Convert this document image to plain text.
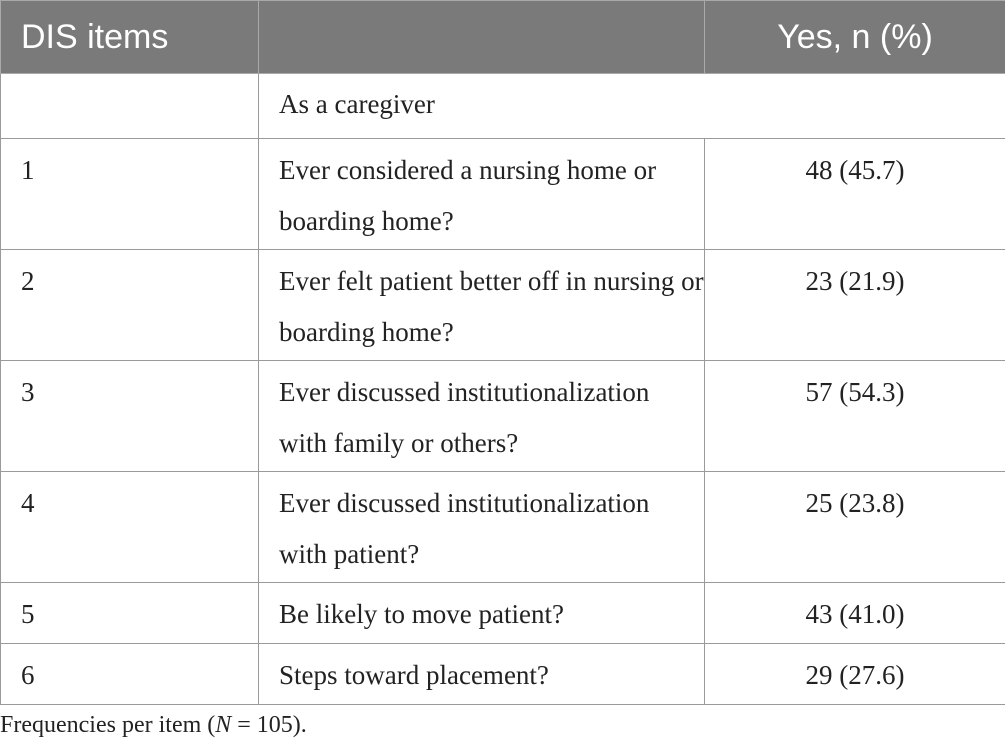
DIS items		Yes, n (%)
	As a caregiver	
1	Ever considered a nursing home or boarding home?	48 (45.7)
2	Ever felt patient better off in nursing or boarding home?	23 (21.9)
3	Ever discussed institutionalization with family or others?	57 (54.3)
4	Ever discussed institutionalization with patient?	25 (23.8)
5	Be likely to move patient?	43 (41.0)
6	Steps toward placement?	29 (27.6)
Frequencies per item (N = 105).
